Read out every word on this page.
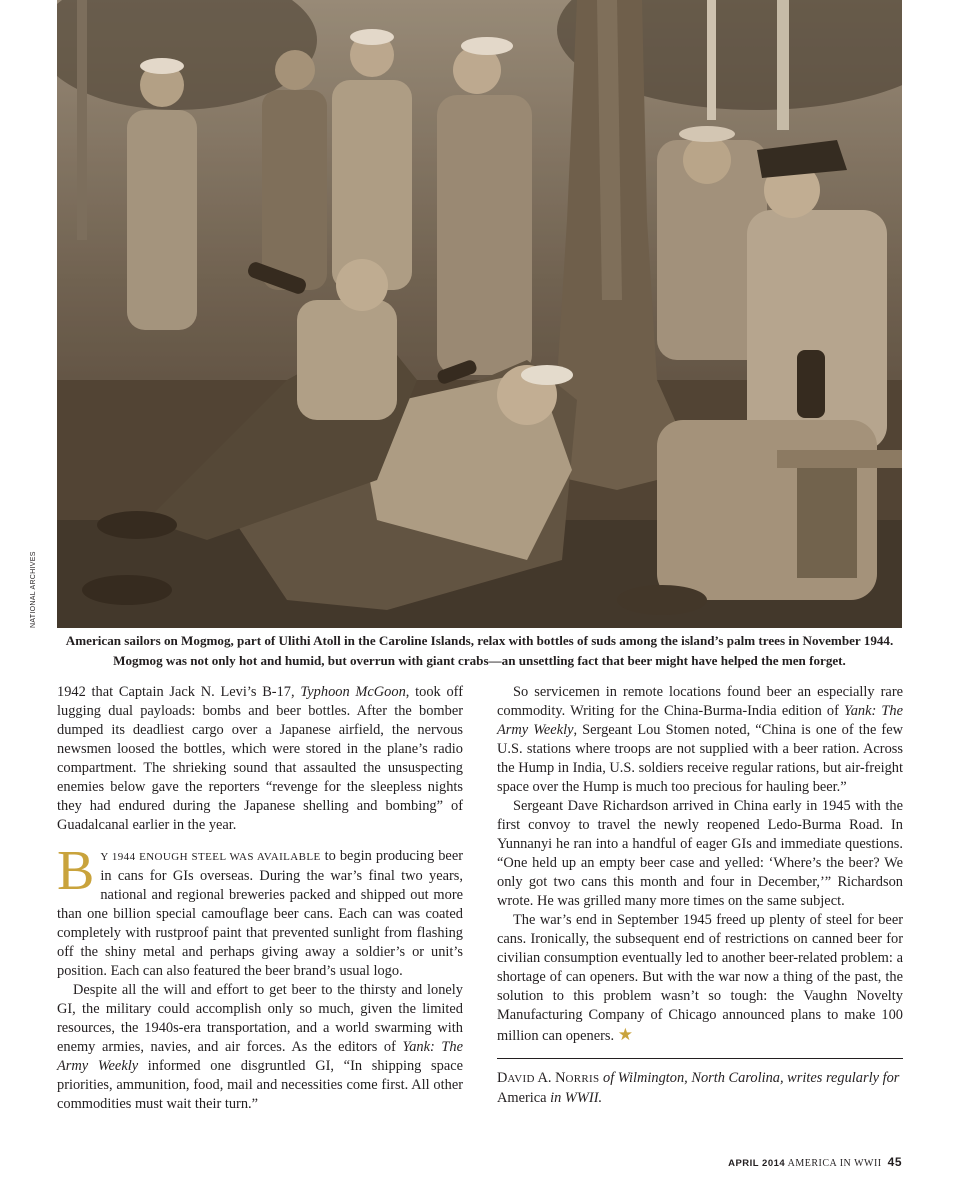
NATIONAL ARCHIVES
American sailors on Mogmog, part of Ulithi Atoll in the Caroline Islands, relax with bottles of suds among the island’s palm trees in November 1944.
Mogmog was not only hot and humid, but overrun with giant crabs—an unsettling fact that beer might have helped the men forget.

1942 that Captain Jack N. Levi’s B-17, Typhoon McGoon, took off lugging dual payloads: bombs and beer bottles. After the bomber dumped its deadliest cargo over a Japanese airfield, the nervous newsmen loosed the bottles, which were stored in the plane’s radio compartment. The shrieking sound that assaulted the unsuspecting enemies below gave the reporters “revenge for the sleepless nights they had endured during the Japanese shelling and bombing” of Guadalcanal earlier in the year.

B Y 1944 ENOUGH STEEL WAS AVAILABLE to begin producing beer in cans for GIs overseas. During the war’s final two years, national and regional breweries packed and shipped out more than one billion special camouflage beer cans. Each can was coated completely with rustproof paint that prevented sunlight from flashing off the shiny metal and perhaps giving away a soldier’s or unit’s position. Each can also featured the beer brand’s usual logo.

Despite all the will and effort to get beer to the thirsty and lonely GI, the military could accomplish only so much, given the limited resources, the 1940s-era transportation, and a world swarming with enemy armies, navies, and air forces. As the editors of Yank: The Army Weekly informed one disgruntled GI, “In shipping space priorities, ammunition, food, mail and necessities come first. All other commodities must wait their turn.”

So servicemen in remote locations found beer an especially rare commodity. Writing for the China-Burma-India edition of Yank: The Army Weekly, Sergeant Lou Stomen noted, “China is one of the few U.S. stations where troops are not supplied with a beer ration. Across the Hump in India, U.S. soldiers receive regular rations, but air-freight space over the Hump is much too precious for hauling beer.”

Sergeant Dave Richardson arrived in China early in 1945 with the first convoy to travel the newly reopened Ledo-Burma Road. In Yunnanyi he ran into a handful of eager GIs and immediate questions. “One held up an empty beer case and yelled: ‘Where’s the beer? We only got two cans this month and four in December,’” Richardson wrote. He was grilled many more times on the same subject.

The war’s end in September 1945 freed up plenty of steel for beer cans. Ironically, the subsequent end of restrictions on canned beer for civilian consumption eventually led to another beer-related problem: a shortage of can openers. But with the war now a thing of the past, the solution to this problem wasn’t so tough: the Vaughn Novelty Manufacturing Company of Chicago announced plans to make 100 million can openers. ★

DAVID A. NORRIS of Wilmington, North Carolina, writes regularly for America in WWII.
APRIL 2014 AMERICA IN WWII 45
